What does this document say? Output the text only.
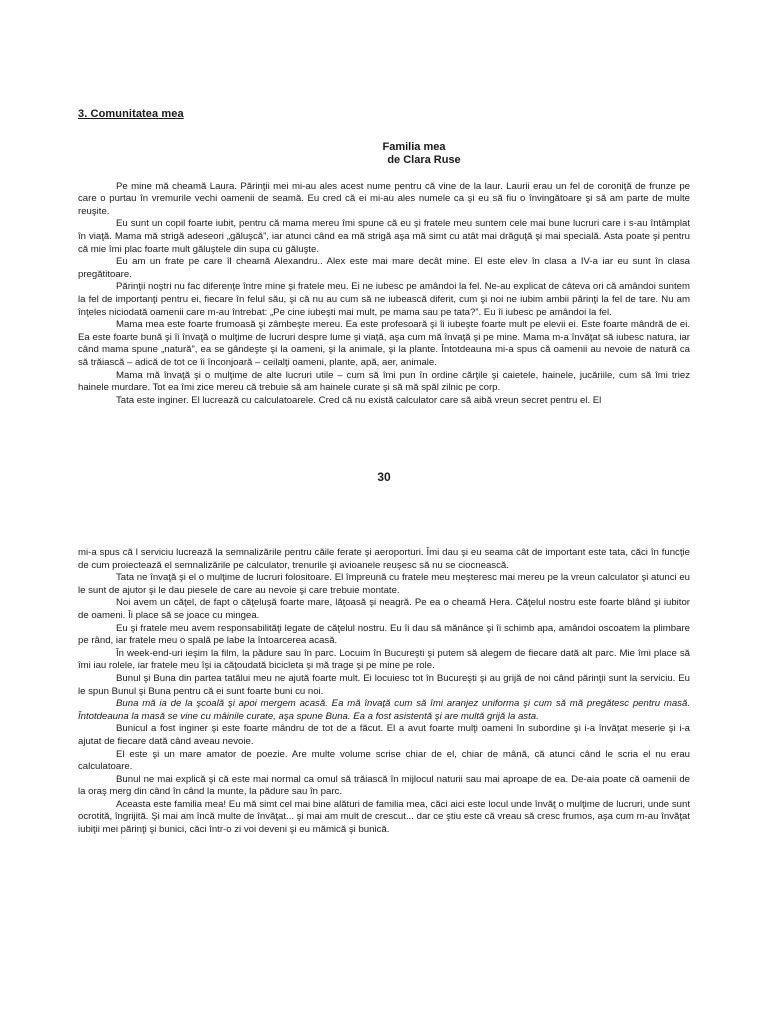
3. Comunitatea mea
Familia mea
de Clara Ruse

Pe mine mă cheamă Laura. Părinţii mei mi-au ales acest nume pentru că vine de la laur. Laurii erau un fel de coroniţă de frunze pe care o purtau în vremurile vechi oamenii de seamă. Eu cred că ei mi-au ales numele ca şi eu să fiu o învingătoare şi să am parte de multe reuşite.

Eu sunt un copil foarte iubit, pentru că mama mereu îmi spune că eu şi fratele meu suntem cele mai bune lucruri care i s-au întâmplat în viaţă. Mama mă strigă adeseori „găluşcă”, iar atunci când ea mă strigă aşa mă simt cu atât mai drăguţă şi mai specială. Asta poate şi pentru că mie îmi plac foarte mult găluştele din supa cu găluşte.

Eu am un frate pe care îl cheamă Alexandru.. Alex este mai mare decât mine. El este elev în clasa a IV-a iar eu sunt în clasa pregătitoare.

Părinţii noştri nu fac diferenţe între mine şi fratele meu. Ei ne iubesc pe amândoi la fel. Ne-au explicat de câteva ori că amândoi suntem la fel de importanţi pentru ei, fiecare în felul său, şi că nu au cum să ne iubească diferit, cum şi noi ne iubim ambii părinţi la fel de tare. Nu am înţeles niciodată oamenii care m-au întrebat: „Pe cine iubeşti mai mult, pe mama sau pe tata?”. Eu îi iubesc pe amândoi la fel.

Mama mea este foarte frumoasă şi zâmbeşte mereu. Ea este profesoară şi îi iubeşte foarte mult pe elevii ei. Este foarte mândră de ei. Ea este foarte bună şi îi învaţă o mulţime de lucruri despre lume şi viaţă, aşa cum mă învaţă şi pe mine. Mama m-a învăţat să iubesc natura, iar când mama spune „natură”, ea se gândeşte şi la oameni, şi la animale, şi la plante. Întotdeauna mi-a spus că oamenii au nevoie de natură ca să trăiască – adică de tot ce îi înconjoară – ceilalţi oameni, plante, apă, aer, animale.

Mama mă învaţă şi o mulţime de alte lucruri utile – cum să îmi pun în ordine cărţile şi caietele, hainele, jucăriile, cum să îmi triez hainele murdare. Tot ea îmi zice mereu că trebuie să am hainele curate şi să mă spăl zilnic pe corp.

Tata este inginer. El lucrează cu calculatoarele. Cred că nu există calculator care să aibă vreun secret pentru el. El

30

mi-a spus că l serviciu lucrează la semnalizările pentru căile ferate şi aeroporturi. Îmi dau şi eu seama cât de important este tata, căci în funcţie de cum proiectează el semnalizările pe calculator, trenurile şi avioanele reuşesc să nu se ciocnească.

Tata ne învaţă şi el o mulţime de lucruri folositoare. El împreună cu fratele meu meşteresc mai mereu pe la vreun calculator şi atunci eu le sunt de ajutor şi le dau piesele de care au nevoie şi care trebuie montate.

Noi avem un căţel, de fapt o căţeluşă foarte mare, lăţoasă şi neagră. Pe ea o cheamă Hera. Căţelul nostru este foarte blând şi iubitor de oameni. Îi place să se joace cu mingea.

Eu şi fratele meu avem responsabilităţi legate de căţelul nostru. Eu îi dau să mănânce şi îi schimb apa, amândoi oscoatem la plimbare pe rând, iar fratele meu o spală pe labe la întoarcerea acasă.

În week-end-uri ieşim la film, la pădure sau în parc. Locuim în Bucureşti şi putem să alegem de fiecare dată alt parc. Mie îmi place să îmi iau rolele, iar fratele meu îşi ia căţoudată bicicleta şi mă trage şi pe mine pe role.

Bunul şi Buna din partea tatălui meu ne ajută foarte mult. Ei locuiesc tot în Bucureşti şi au grijă de noi când părinţii sunt la serviciu. Eu le spun Bunul şi Buna pentru că ei sunt foarte buni cu noi.

Buna mă ia de la şcoală şi apoi mergem acasă. Ea mă învaţă cum să îmi aranjez uniforma şi cum să mă pregătesc pentru masă. Întotdeauna la masă se vine cu mâinile curate, aşa spune Buna. Ea a fost asistentă şi are multă grijă la asta.

Bunicul a fost inginer şi este foarte mândru de tot de a făcut. El a avut foarte mulţi oameni în subordine şi i-a învăţat meserie şi i-a ajutat de fiecare dată când aveau nevoie.

El este şi un mare amator de poezie. Are multe volume scrise chiar de el, chiar de mână, că atunci când le scria el nu erau calculatoare.

Bunul ne mai explică şi că este mai normal ca omul să trăiască în mijlocul naturii sau mai aproape de ea. De-aia poate că oamenii de la oraş merg din când în când la munte, la pădure sau în parc.

Aceasta este familia mea! Eu mă simt cel mai bine alături de familia mea, căci aici este locul unde învăţ o mulţime de lucruri, unde sunt ocrotită, îngrijită. Şi mai am încă multe de învăţat... şi mai am mult de crescut... dar ce ştiu este că vreau să cresc frumos, aşa cum m-au învăţat iubiţii mei părinţi şi bunici, căci într-o zi voi deveni şi eu mămică şi bunică.
